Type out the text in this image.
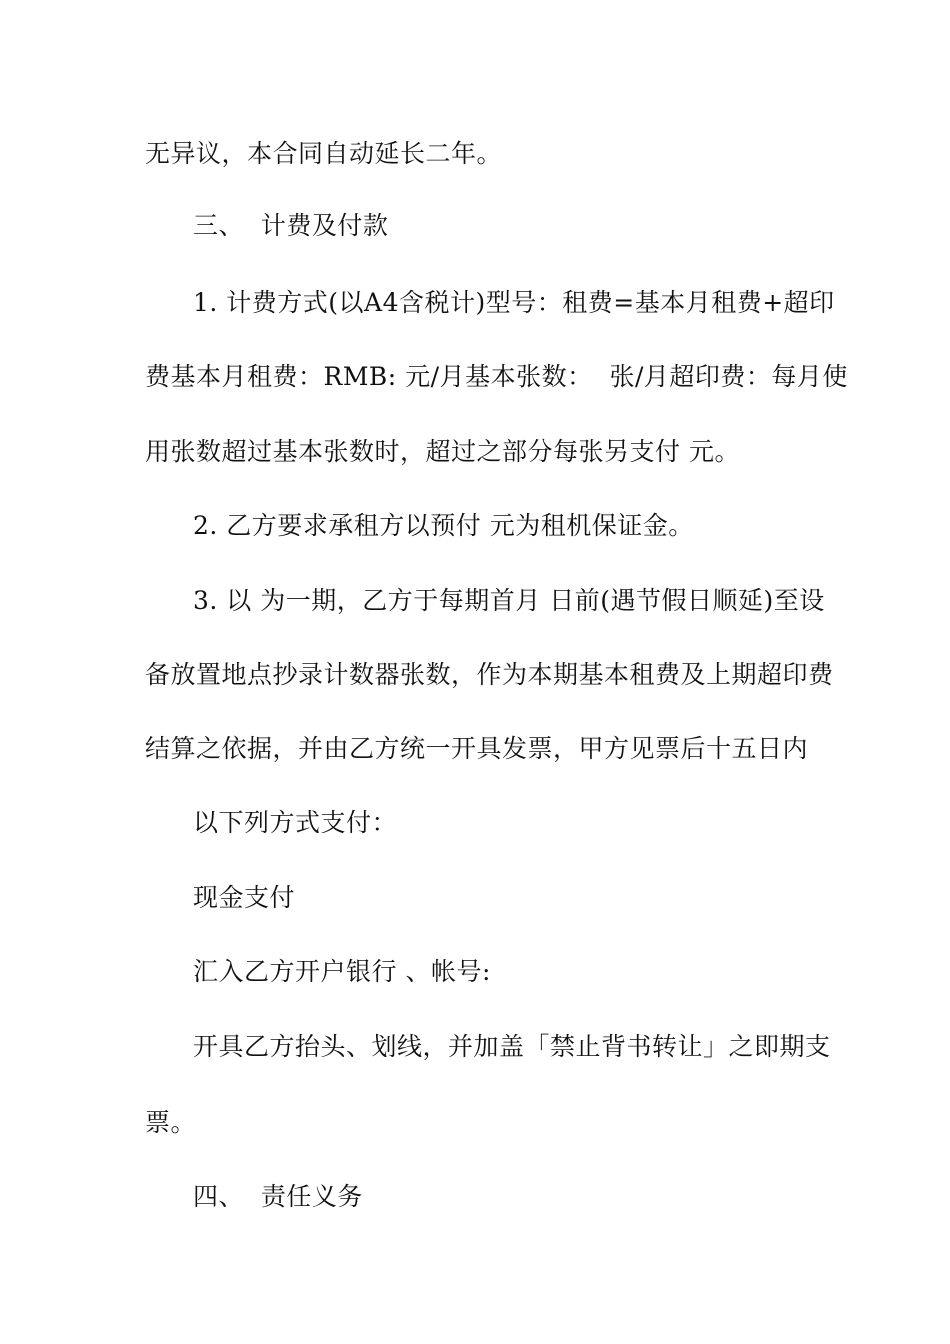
无异议，本合同自动延长二年。
三、  计费及付款
1. 计费方式(以A4含税计)型号：租费=基本月租费+超印
费基本月租费：RMB: 元/月基本张数：  张/月超印费：每月使
用张数超过基本张数时，超过之部分每张另支付 元。
2. 乙方要求承租方以预付 元为租机保证金。
3. 以 为一期，乙方于每期首月 日前(遇节假日顺延)至设
备放置地点抄录计数器张数，作为本期基本租费及上期超印费
结算之依据，并由乙方统一开具发票，甲方见票后十五日内
以下列方式支付：
现金支付
汇入乙方开户银行 、帐号:
开具乙方抬头、划线，并加盖「禁止背书转让」之即期支
票。
四、  责任义务
